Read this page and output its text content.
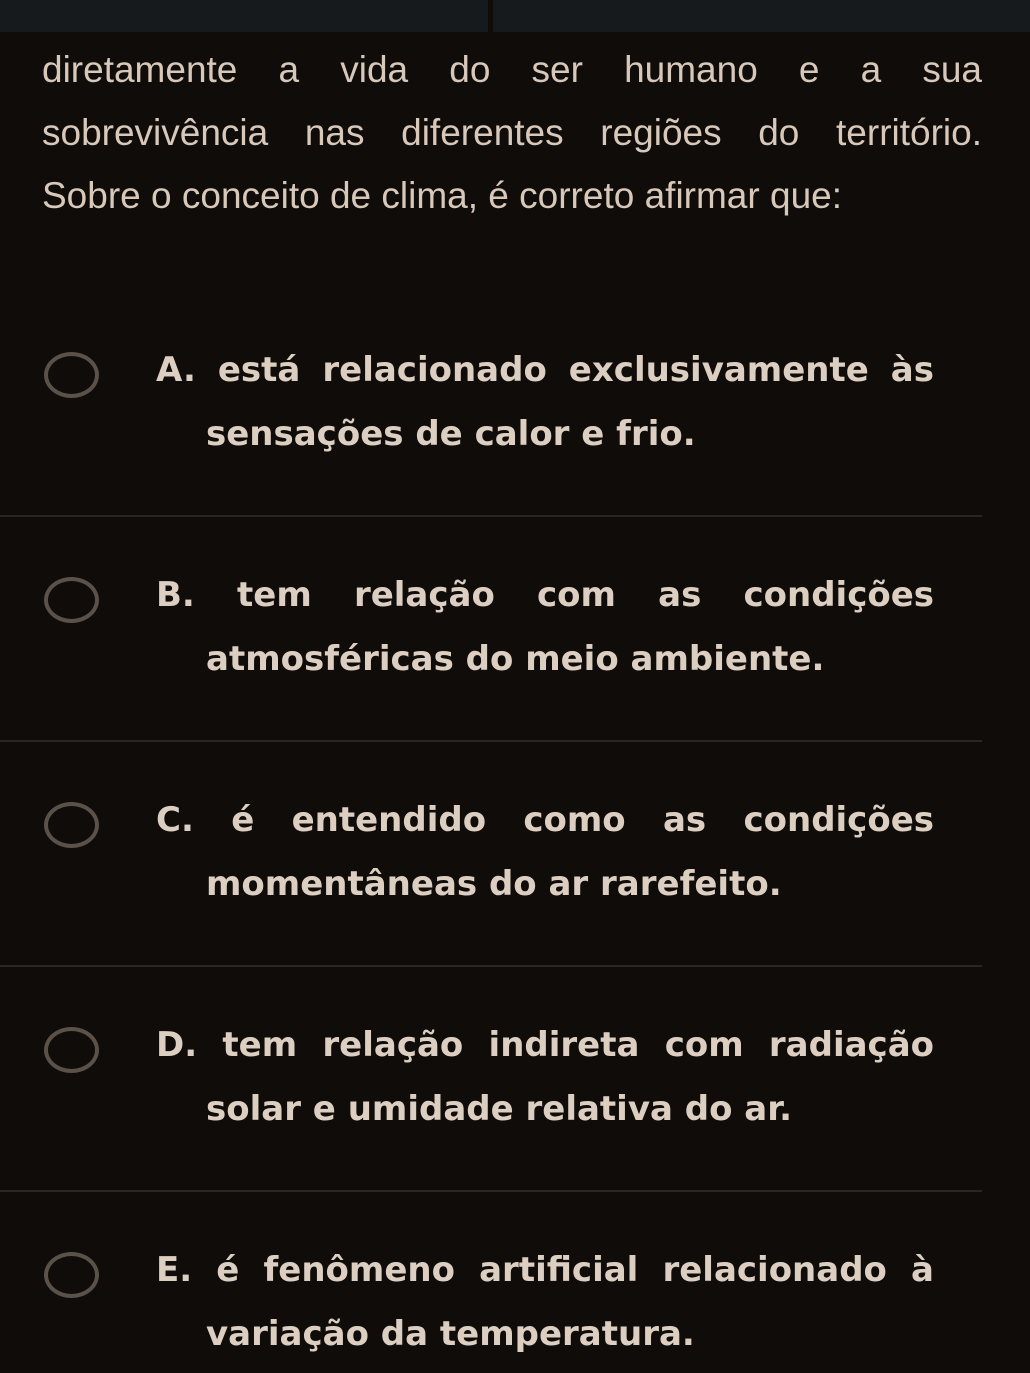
diretamente a vida do ser humano e a sua
sobrevivência nas diferentes regiões do território.
Sobre o conceito de clima, é correto afirmar que:
A. está relacionado exclusivamente às
sensações de calor e frio.
B. tem relação com as condições
atmosféricas do meio ambiente.
C. é entendido como as condições
momentâneas do ar rarefeito.
D. tem relação indireta com radiação
solar e umidade relativa do ar.
E. é fenômeno artificial relacionado à
variação da temperatura.
